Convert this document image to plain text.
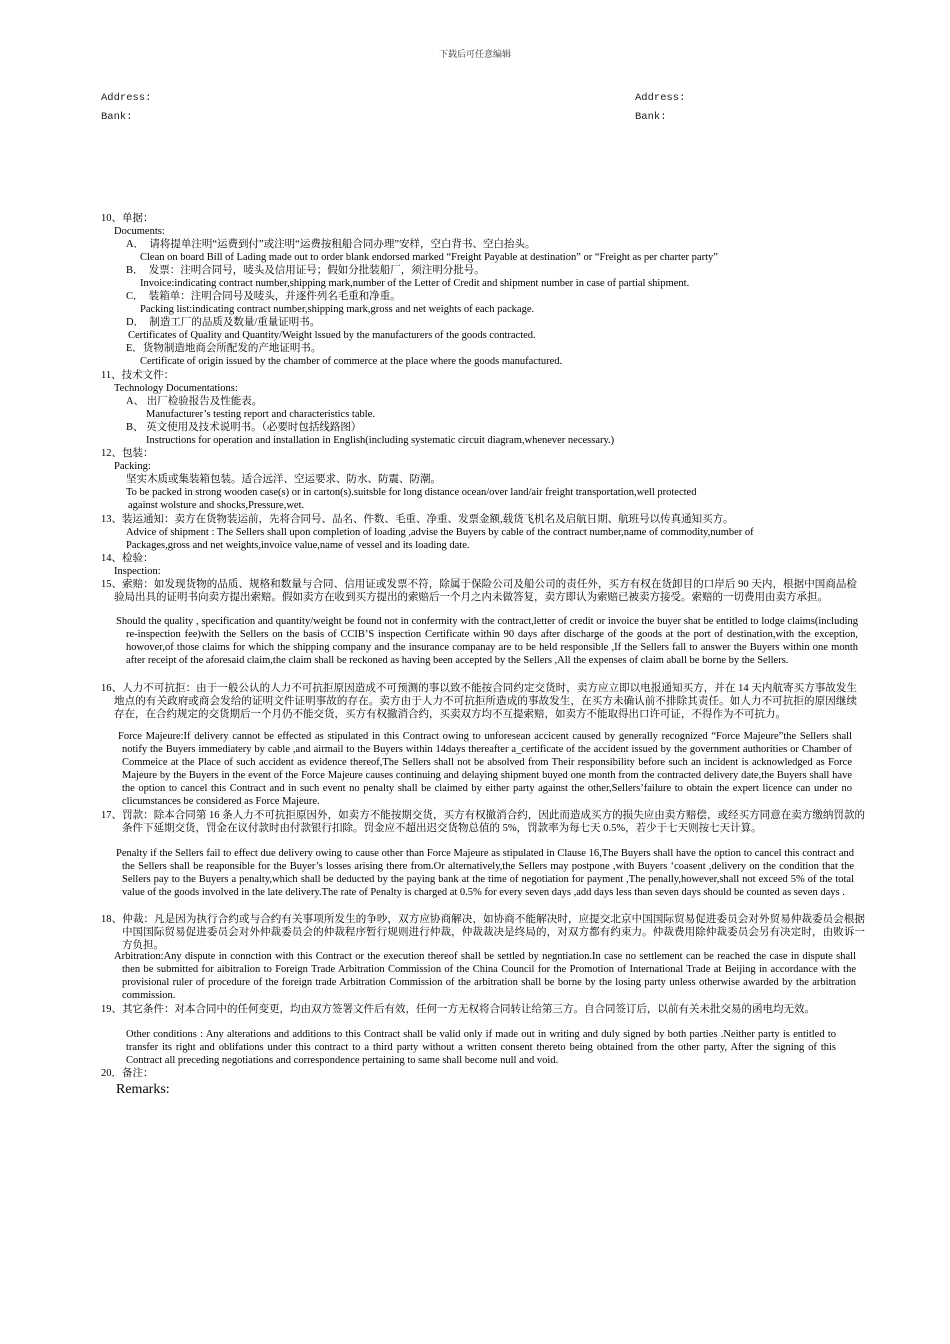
下载后可任意编辑
Address:
Bank:
Address:
Bank:
10、单据：
Documents:
A．　请将提单注明“运费到付”或注明“运费按租船合同办理”安样，空白背书、空白抬头。
Clean on board Bill of Lading made out to order blank endorsed marked “Freight Payable at destination” or “Freight as per charter party”
B．　发票：注明合同号，唛头及信用证号；假如分批装船厂，须注明分批号。
Invoice:indicating contract number,shipping mark,number of the Letter of Credit and shipment number in case of partial shipment.
C．　装箱单：注明合同号及唛头，并逐件列名毛重和净重。
Packing list:indicating contract number,shipping mark,gross and net weights of each package.
D．　制造工厂的品质及数量/重量证明书。
Certificates of Quality and Quantity/Weight lssued by the manufacturers of the goods contracted.
E．货物制造地商会所配发的产地证明书。
Certificate of origin issued by the chamber of commerce at the place where the goods manufactured.
11、技术文件：
Technology Documentations:
A、 出厂检验报告及性能表。
Manufacturer’s testing report and characteristics table.
B、 英文使用及技术说明书。（必要时包括线路图）
Instructions for operation and installation in English(including systematic circuit diagram,whenever necessary.)
12、包装：
Packing:
坚实木质或集装箱包装。适合远洋、空运要求、防水、防震、防潮。
To be packed in strong wooden case(s) or in carton(s).suitsble for long distance ocean/over land/air freight transportation,well protected
against wolsture and shocks,Pressure,wet.
13、装运通知：卖方在货物装运前，先将合同号、品名、件数、毛重、净重、发票金额,载货飞机名及启航日期、航班号以传真通知买方。
Advice of shipment : The Sellers shall upon completion of loading ,advise the Buyers by cable of the contract number,name of commodity,number of
Packages,gross and net weights,invoice value,name of vessel and its loading date.
14、检验：
Inspection:
15、索赔：如发现货物的品质、规格和数量与合同、信用证或发票不符，除属于保险公司及船公司的责任外，买方有权在货卸目的口岸后 90 天内，根据中国商品检验局出具的证明书向卖方提出索赔。假如卖方在收到买方提出的索赔后一个月之内未做答复，卖方即认为索赔已被卖方接受。索赔的一切费用由卖方承担。
Should the quality , specification and quantity/weight be found not in confermity with the contract,letter of credit or invoice the buyer shat be entitled to lodge claims(including re-inspection fee)with the Sellers on the basis of CCIB’S inspection Certificate within 90 days after discharge of the goods at the port of destination,with the exception, howover,of those claims for which the shipping company and the insurance companay are to be held responsible ,If the Sellers fall to answer the Buyers within one month after receipt of the aforesaid claim,the claim shall be reckoned as having been accepted by the Sellers ,All the expenses of claim aball be borne by the Sellers.
16、人力不可抗拒：由于一般公认的人力不可抗拒原因造成不可预测的事以致不能按合同约定交货时，卖方应立即以电报通知买方，并在 14 天内航寄买方事故发生地点的有关政府或商会发给的证明文件证明事故的存在。卖方由于人力不可抗拒所造成的事故发生，在买方未确认前不排除其责任。如人力不可抗拒的原因继续存在，在合约规定的交货期后一个月仍不能交货，买方有权撤消合约，买卖双方均不互提索赔，如卖方不能取得出口许可证，不得作为不可抗力。
Force Majeure:If delivery cannot be effected as stipulated in this Contract owing to unforesean accicent caused by generally recognized “Force Majeure”the Sellers shall notify the Buyers immediatery by cable ,and airmail to the Buyers within 14days thereafter a_certificate of the accident issued by the government authorities or Chamber of Commeice at the Place of such accident as evidence thereof,The Sellers shall not be absolved from Their responsibility before such an incident is acknowledged as Force Majeure by the Buyers in the event of the Force Majeure causes continuing and delaying shipment buyed one month from the contracted delivery date,the Buyers shall have the option to cancel this Contract and in such event no penalty shall be claimed by either party against the other,Sellers’failure to obtain the expert licence can under no clicumstances be considered as Force Majeure.
17、罚款：除本合同第 16 条人力不可抗拒原因外，如卖方不能按期交货，买方有权撤消合约，因此而造成买方的损失应由卖方赔偿，或经买方同意在卖方缴纳罚款的条件下延期交货，罚金在议付款时由付款银行扣除。罚金应不超出迟交货物总值的 5%，罚款率为每七天 0.5%，若少于七天则按七天计算。
Penalty if the Sellers fail to effect due delivery owing to cause other than Force Majeure as stipulated in Clause 16,The Buyers shall have the option to cancel this contract and the Sellers shall be reaponsible for the Buyer’s losses arising there from.Or alternatively,the Sellers may postpone ,with Buyers ‘coasent ,delivery on the condition that the Sellers pay to the Buyers a penalty,which shall be deducted by the paying bank at the time of negotiation for payment ,The penally,however,shall not exceed 5% of the total value of the goods involved in the late delivery.The rate of Penalty is charged at 0.5% for every seven days ,add days less than seven days should be counted as seven days .
18、仲裁：凡是因为执行合约或与合约有关事项所发生的争吵，双方应协商解决，如协商不能解决时，应提交北京中国国际贸易促进委员会对外贸易仲裁委员会根据中国国际贸易促进委员会对外仲裁委员会的仲裁程序暂行规则进行仲裁，仲裁裁决是终局的，对双方都有约束力。仲裁费用除仲裁委员会另有决定时，由败诉一方负担。
Arbitration:Any dispute in connction with this Contract or the execution thereof shall be settled by negntiation.In case no settlement can be reached the case in dispute shall then be submitted for aibitralion to Foreign Trade Arbitration Commission of the China Council for the Promotion of International Trade at Beijing in accordance with the provisional ruler of procedure of the foreign trade Arbitration Commission of the arbitration shall be borne by the losing party unless otherwise awarded by the arbitration commission.
19、其它条件：对本合同中的任何变更，均由双方签署文件后有效，任何一方无权将合同转让给第三方。自合同签订后，以前有关未批交易的函电均无效。
Other conditions : Any alterations and additions to this Contract shall be valid only if made out in writing and duly signed by both parties .Neither party is entitled to transfer its right and oblifations under this contract to a third party without a written consent thereto being obtained from the other party, After the signing of this Contract all preceding negotiations and correspondence pertaining to same shall become null and void.
20．备注：
Remarks:
